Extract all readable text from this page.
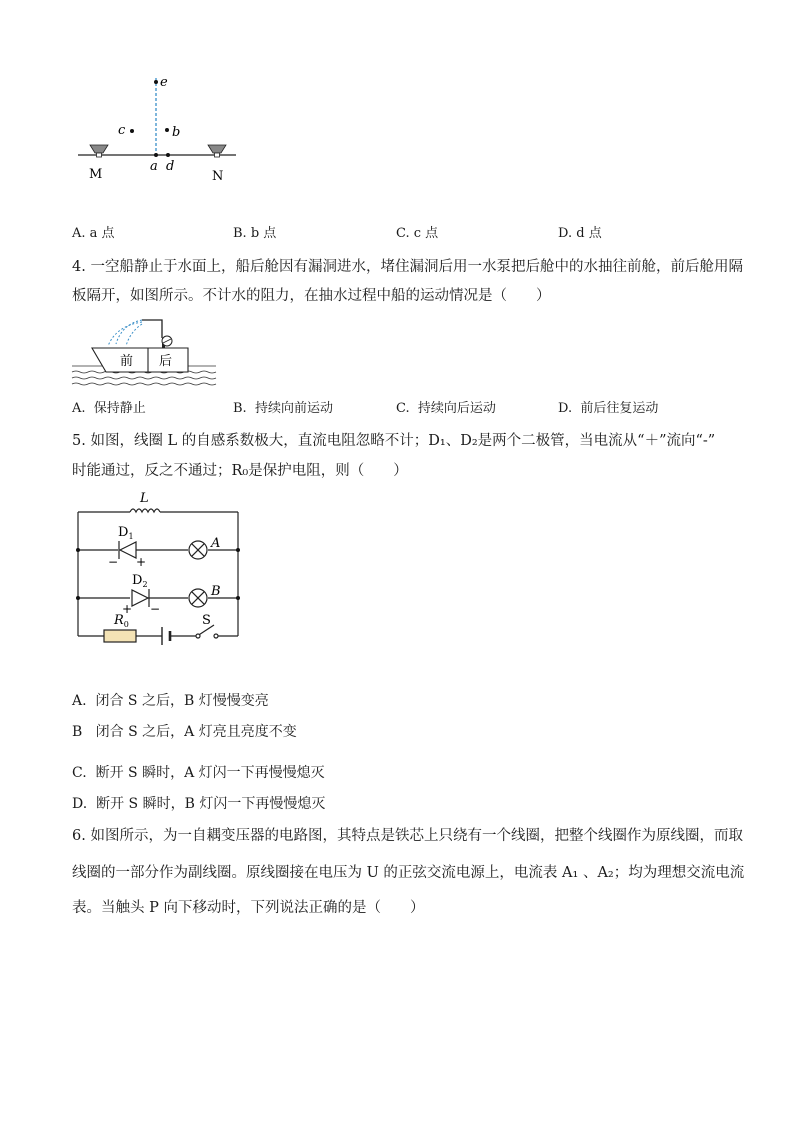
e
c	b
a d
M	N
A. a 点	B. b 点	C. c 点	D. d 点
4. 一空船静止于水面上，船后舱因有漏洞进水，堵住漏洞后用一水泵把后舱中的水抽往前舱，前后舱用隔
板隔开，如图所示。不计水的阻力，在抽水过程中船的运动情况是（　　）
前 后
A. 保持静止	B. 持续向前运动	C. 持续向后运动	D. 前后往复运动
5. 如图，线圈 L 的自感系数极大，直流电阻忽略不计；D₁、D₂是两个二极管，当电流从“＋”流向“-”
时能通过，反之不通过；R₀是保护电阻，则（　　）
L
$D_1$
− +
A
$D_2$
+ −
B
$R_0$	S
A. 闭合 S 之后，B 灯慢慢变亮
B 闭合 S 之后，A 灯亮且亮度不变
C. 断开 S 瞬时，A 灯闪一下再慢慢熄灭
D. 断开 S 瞬时，B 灯闪一下再慢慢熄灭
6. 如图所示，为一自耦变压器的电路图，其特点是铁芯上只绕有一个线圈，把整个线圈作为原线圈，而取
线圈的一部分作为副线圈。原线圈接在电压为 U 的正弦交流电源上，电流表 A₁ 、A₂；均为理想交流电流
表。当触头 P 向下移动时，下列说法正确的是（　　）
